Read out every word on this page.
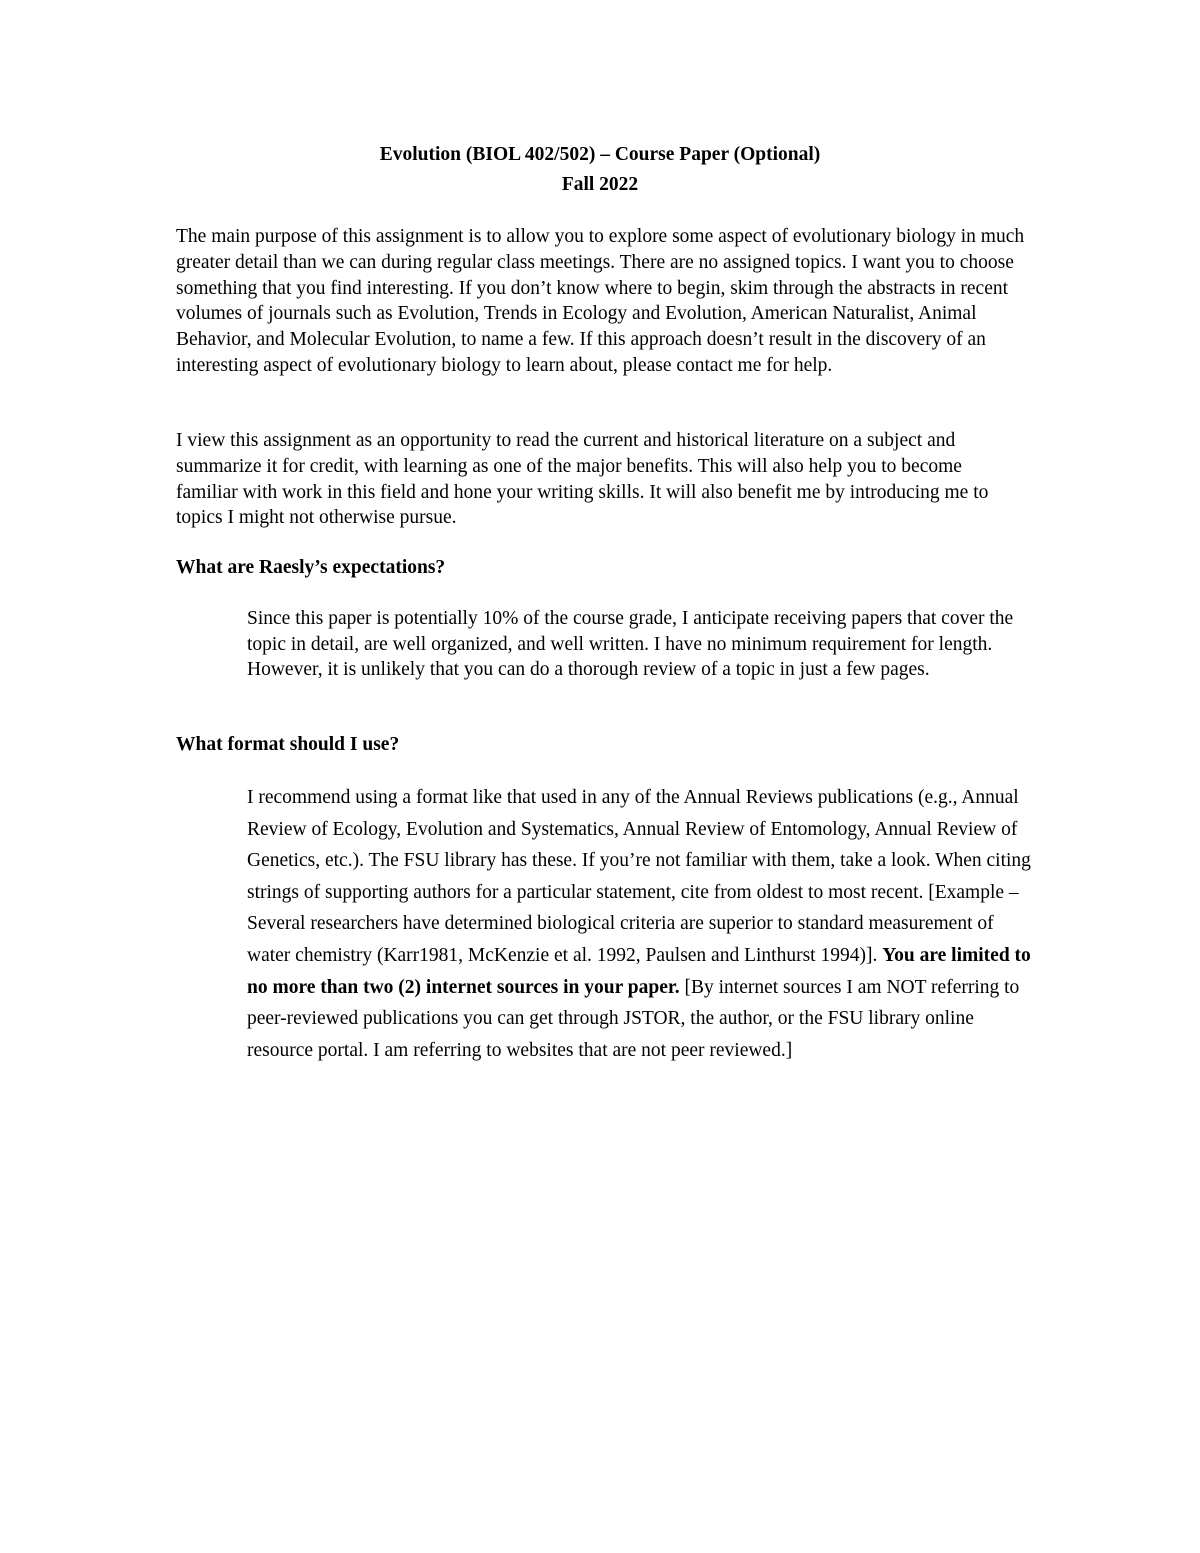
Evolution (BIOL 402/502) – Course Paper (Optional)
Fall 2022

The main purpose of this assignment is to allow you to explore some aspect of evolutionary biology in much greater detail than we can during regular class meetings. There are no assigned topics. I want you to choose something that you find interesting. If you don’t know where to begin, skim through the abstracts in recent volumes of journals such as Evolution, Trends in Ecology and Evolution, American Naturalist, Animal Behavior, and Molecular Evolution, to name a few. If this approach doesn’t result in the discovery of an interesting aspect of evolutionary biology to learn about, please contact me for help.

I view this assignment as an opportunity to read the current and historical literature on a subject and summarize it for credit, with learning as one of the major benefits. This will also help you to become familiar with work in this field and hone your writing skills. It will also benefit me by introducing me to topics I might not otherwise pursue.

What are Raesly’s expectations?

Since this paper is potentially 10% of the course grade, I anticipate receiving papers that cover the topic in detail, are well organized, and well written. I have no minimum requirement for length. However, it is unlikely that you can do a thorough review of a topic in just a few pages.

What format should I use?

I recommend using a format like that used in any of the Annual Reviews publications (e.g., Annual Review of Ecology, Evolution and Systematics, Annual Review of Entomology, Annual Review of Genetics, etc.). The FSU library has these. If you’re not familiar with them, take a look. When citing strings of supporting authors for a particular statement, cite from oldest to most recent. [Example – Several researchers have determined biological criteria are superior to standard measurement of water chemistry (Karr1981, McKenzie et al. 1992, Paulsen and Linthurst 1994)]. You are limited to no more than two (2) internet sources in your paper. [By internet sources I am NOT referring to peer-reviewed publications you can get through JSTOR, the author, or the FSU library online resource portal. I am referring to websites that are not peer reviewed.]
